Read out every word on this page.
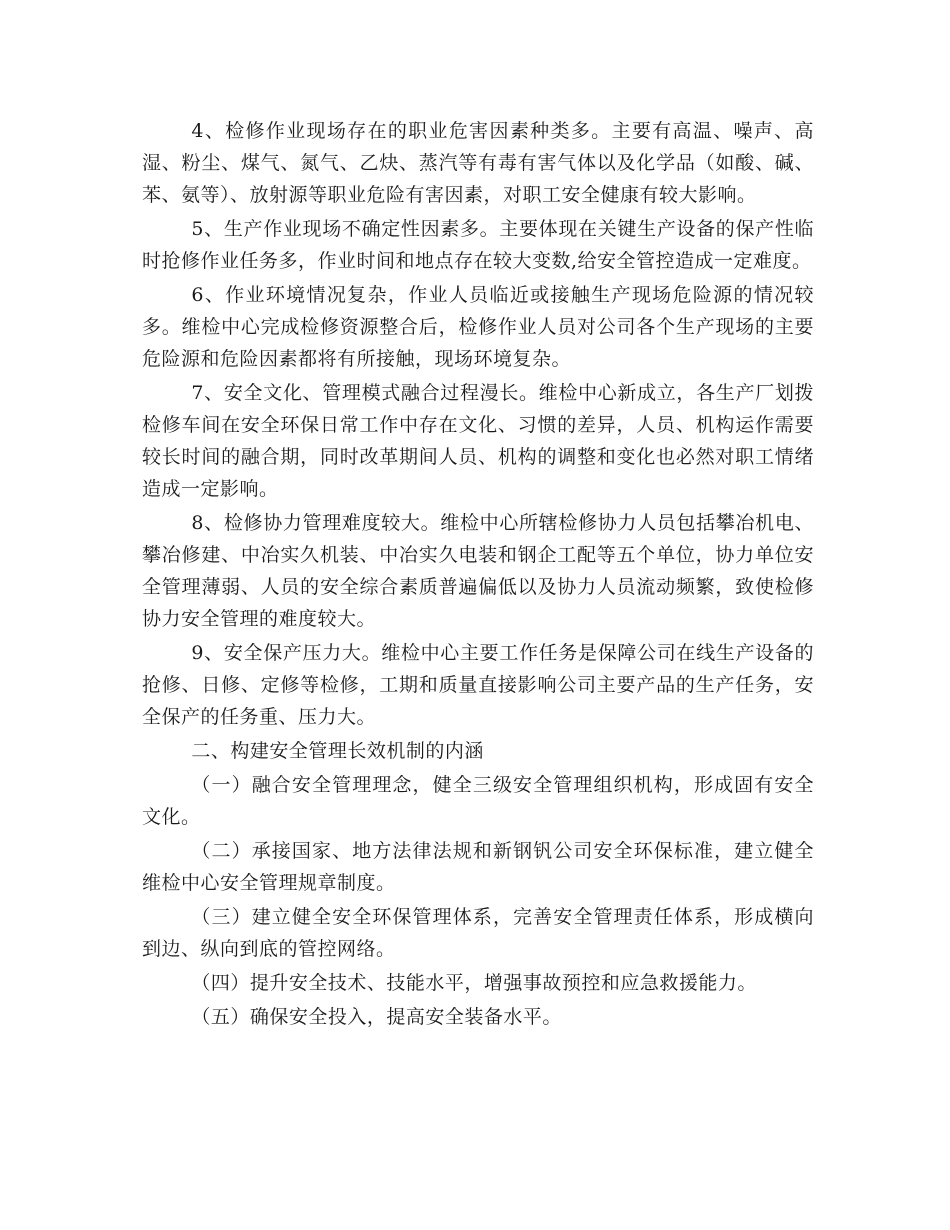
4、检修作业现场存在的职业危害因素种类多。主要有高温、噪声、高湿、粉尘、煤气、氮气、乙炔、蒸汽等有毒有害气体以及化学品（如酸、碱、苯、氨等）、放射源等职业危险有害因素，对职工安全健康有较大影响。

5、生产作业现场不确定性因素多。主要体现在关键生产设备的保产性临时抢修作业任务多，作业时间和地点存在较大变数,给安全管控造成一定难度。

6、作业环境情况复杂，作业人员临近或接触生产现场危险源的情况较多。维检中心完成检修资源整合后，检修作业人员对公司各个生产现场的主要危险源和危险因素都将有所接触，现场环境复杂。

7、安全文化、管理模式融合过程漫长。维检中心新成立，各生产厂划拨检修车间在安全环保日常工作中存在文化、习惯的差异，人员、机构运作需要较长时间的融合期，同时改革期间人员、机构的调整和变化也必然对职工情绪造成一定影响。

8、检修协力管理难度较大。维检中心所辖检修协力人员包括攀冶机电、攀冶修建、中冶实久机装、中冶实久电装和钢企工配等五个单位，协力单位安全管理薄弱、人员的安全综合素质普遍偏低以及协力人员流动频繁，致使检修协力安全管理的难度较大。

9、安全保产压力大。维检中心主要工作任务是保障公司在线生产设备的抢修、日修、定修等检修，工期和质量直接影响公司主要产品的生产任务，安全保产的任务重、压力大。

二、构建安全管理长效机制的内涵

（一）融合安全管理理念，健全三级安全管理组织机构，形成固有安全文化。

（二）承接国家、地方法律法规和新钢钒公司安全环保标准，建立健全维检中心安全管理规章制度。

（三）建立健全安全环保管理体系，完善安全管理责任体系，形成横向到边、纵向到底的管控网络。

（四）提升安全技术、技能水平，增强事故预控和应急救援能力。

（五）确保安全投入，提高安全装备水平。
